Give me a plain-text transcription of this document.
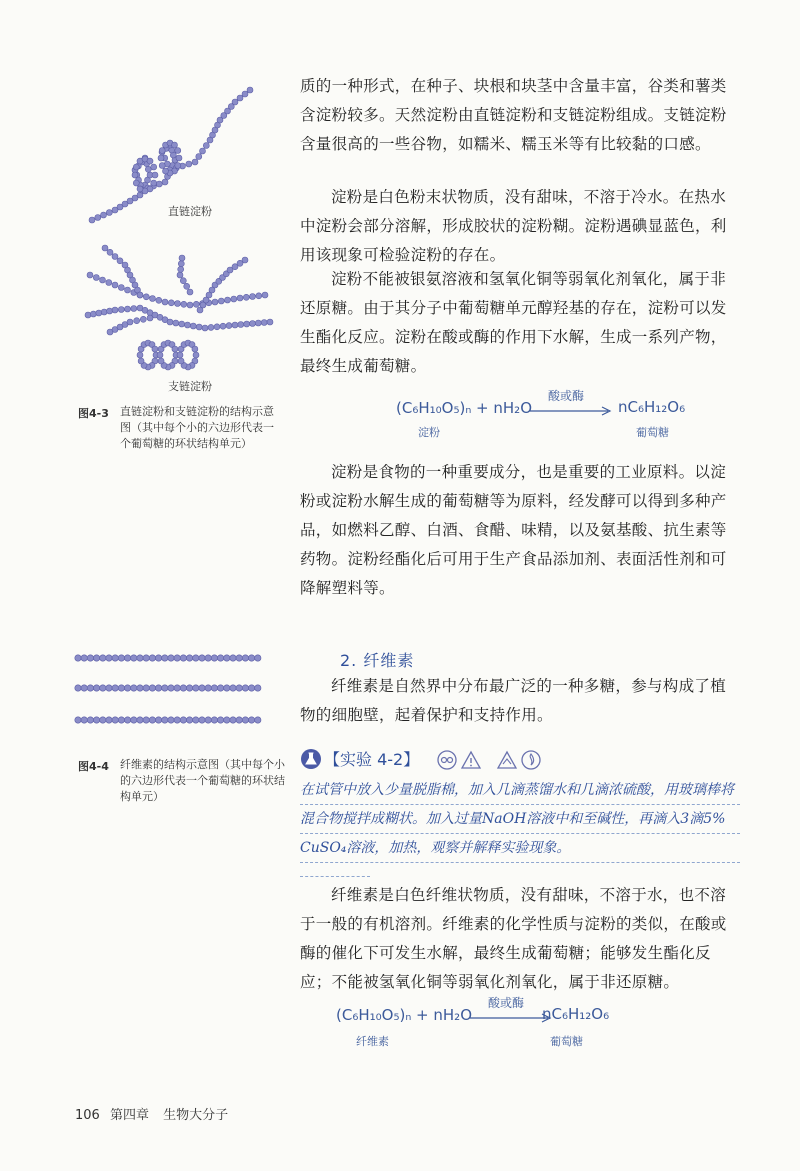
直链淀粉
支链淀粉
图4-3 直链淀粉和支链淀粉的结构示意图（其中每个小的六边形代表一个葡萄糖的环状结构单元）

质的一种形式，在种子、块根和块茎中含量丰富，谷类和薯类含淀粉较多。天然淀粉由直链淀粉和支链淀粉组成。支链淀粉含量很高的一些谷物，如糯米、糯玉米等有比较黏的口感。

淀粉是白色粉末状物质，没有甜味，不溶于冷水。在热水中淀粉会部分溶解，形成胶状的淀粉糊。淀粉遇碘显蓝色，利用该现象可检验淀粉的存在。

淀粉不能被银氨溶液和氢氧化铜等弱氧化剂氧化，属于非还原糖。由于其分子中葡萄糖单元醇羟基的存在，淀粉可以发生酯化反应。淀粉在酸或酶的作用下水解，生成一系列产物，最终生成葡萄糖。

(C₆H₁₀O₅)ₙ + nH₂O
酸或酶
nC₆H₁₂O₆
淀粉	葡萄糖

淀粉是食物的一种重要成分，也是重要的工业原料。以淀粉或淀粉水解生成的葡萄糖等为原料，经发酵可以得到多种产品，如燃料乙醇、白酒、食醋、味精，以及氨基酸、抗生素等药物。淀粉经酯化后可用于生产食品添加剂、表面活性剂和可降解塑料等。

图4-4 纤维素的结构示意图（其中每个小的六边形代表一个葡萄糖的环状结构单元）
2. 纤维素

纤维素是自然界中分布最广泛的一种多糖，参与构成了植物的细胞壁，起着保护和支持作用。

【实验 4-2】
在试管中放入少量脱脂棉，加入几滴蒸馏水和几滴浓硫酸，用玻璃棒将混合物搅拌成糊状。加入过量NaOH溶液中和至碱性，再滴入3滴5% CuSO₄溶液，加热，观察并解释实验现象。

纤维素是白色纤维状物质，没有甜味，不溶于水，也不溶于一般的有机溶剂。纤维素的化学性质与淀粉的类似，在酸或酶的催化下可发生水解，最终生成葡萄糖；能够发生酯化反应；不能被氢氧化铜等弱氧化剂氧化，属于非还原糖。

(C₆H₁₀O₅)ₙ + nH₂O
酸或酶
nC₆H₁₂O₆
纤维素	葡萄糖
106 第四章 生物大分子
